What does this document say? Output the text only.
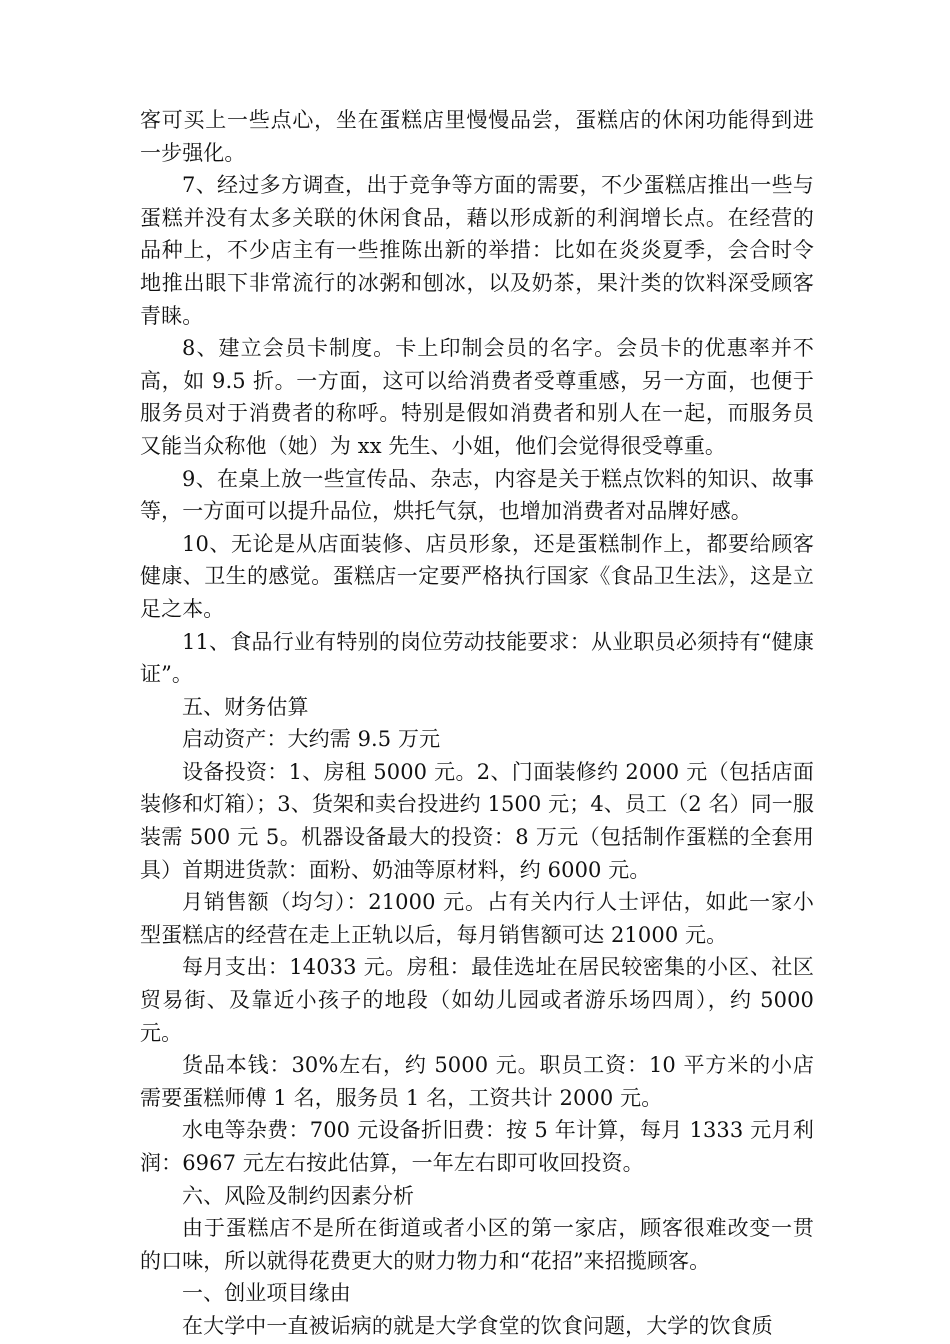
客可买上一些点心，坐在蛋糕店里慢慢品尝，蛋糕店的休闲功能得到进一步强化。

7、经过多方调查，出于竞争等方面的需要，不少蛋糕店推出一些与蛋糕并没有太多关联的休闲食品，藉以形成新的利润增长点。在经营的品种上，不少店主有一些推陈出新的举措：比如在炎炎夏季，会合时令地推出眼下非常流行的冰粥和刨冰，以及奶茶，果汁类的饮料深受顾客青睐。

8、建立会员卡制度。卡上印制会员的名字。会员卡的优惠率并不高，如 9.5 折。一方面，这可以给消费者受尊重感，另一方面，也便于服务员对于消费者的称呼。特别是假如消费者和别人在一起，而服务员又能当众称他（她）为 xx 先生、小姐，他们会觉得很受尊重。

9、在桌上放一些宣传品、杂志，内容是关于糕点饮料的知识、故事等，一方面可以提升品位，烘托气氛，也增加消费者对品牌好感。

10、无论是从店面装修、店员形象，还是蛋糕制作上，都要给顾客健康、卫生的感觉。蛋糕店一定要严格执行国家《食品卫生法》，这是立足之本。

11、食品行业有特别的岗位劳动技能要求：从业职员必须持有“健康证”。

五、财务估算

启动资产：大约需 9.5 万元

设备投资：1、房租 5000 元。2、门面装修约 2000 元（包括店面装修和灯箱）；3、货架和卖台投进约 1500 元；4、员工（2 名）同一服装需 500 元 5。机器设备最大的投资：8 万元（包括制作蛋糕的全套用具）首期进货款：面粉、奶油等原材料，约 6000 元。

月销售额（均匀）：21000 元。占有关内行人士评估，如此一家小型蛋糕店的经营在走上正轨以后，每月销售额可达 21000 元。

每月支出：14033 元。房租：最佳选址在居民较密集的小区、社区贸易街、及靠近小孩子的地段（如幼儿园或者游乐场四周），约 5000 元。

货品本钱：30%左右，约 5000 元。职员工资：10 平方米的小店需要蛋糕师傅 1 名，服务员 1 名，工资共计 2000 元。

水电等杂费：700 元设备折旧费：按 5 年计算，每月 1333 元月利润：6967 元左右按此估算，一年左右即可收回投资。

六、风险及制约因素分析

由于蛋糕店不是所在街道或者小区的第一家店，顾客很难改变一贯的口味，所以就得花费更大的财力物力和“花招”来招揽顾客。

一、创业项目缘由

在大学中一直被诟病的就是大学食堂的饮食问题，大学的饮食质
